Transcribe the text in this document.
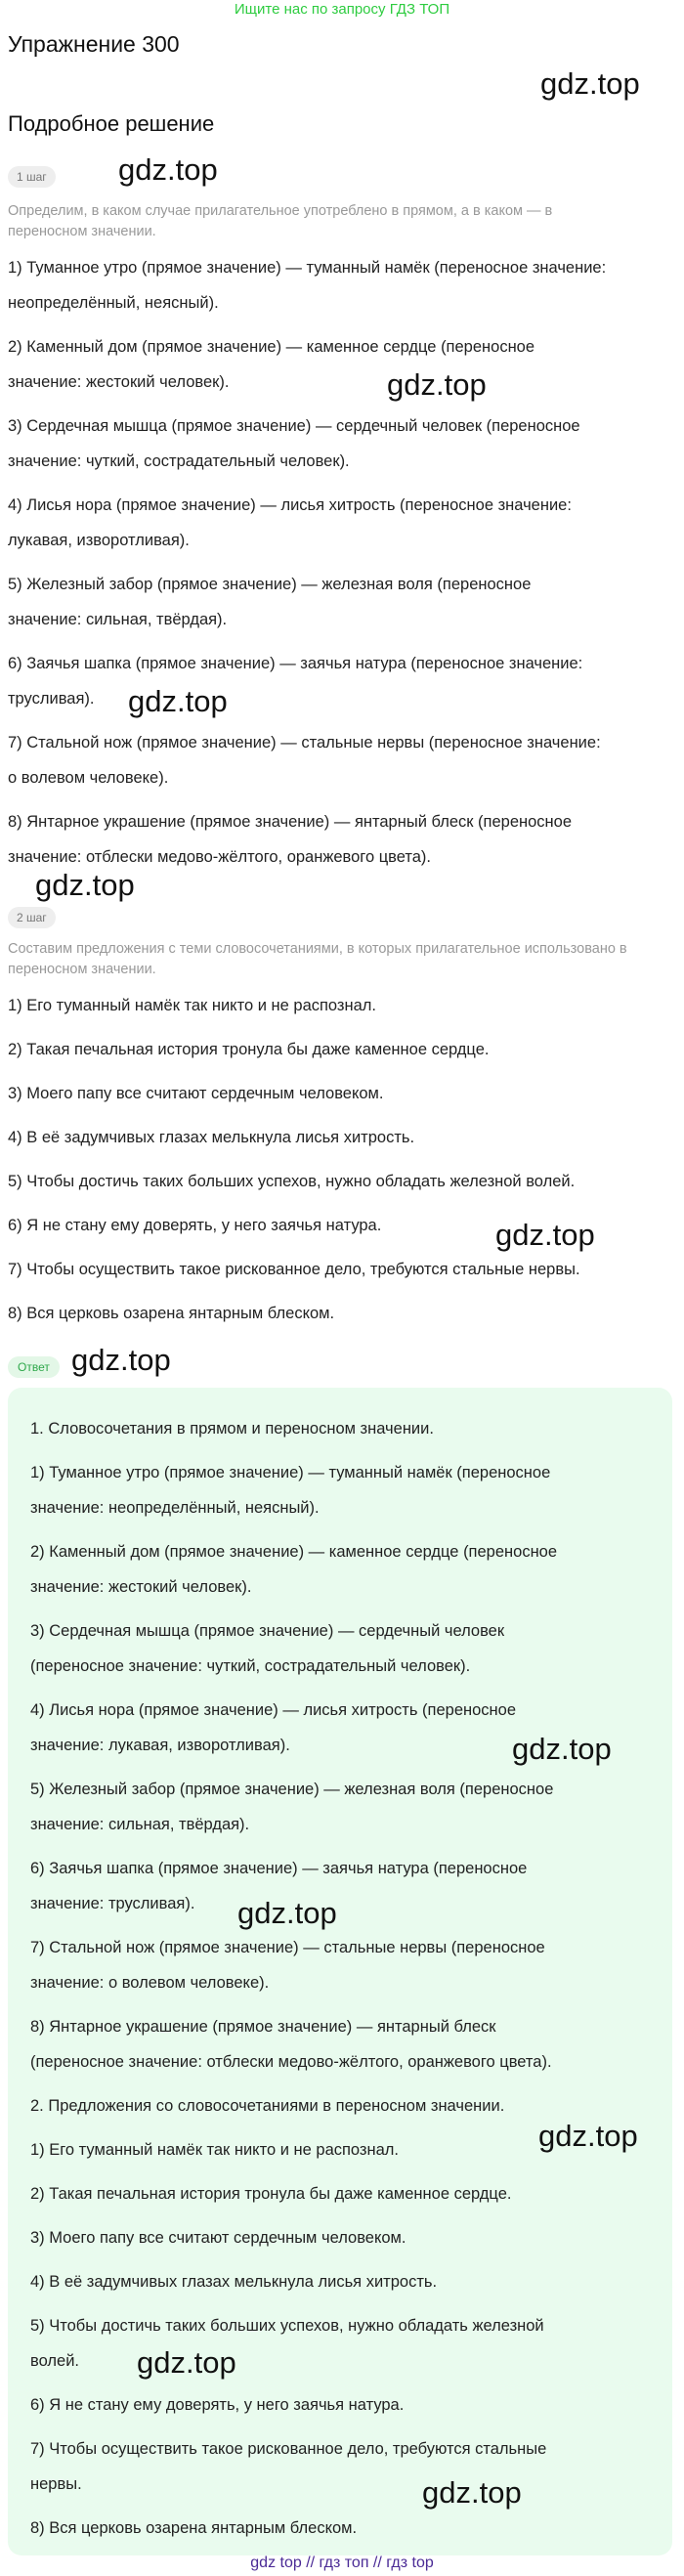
Ищите нас по запросу ГДЗ ТОП
Упражнение 300
Подробное решение
1 шаг
Определим, в каком случае прилагательное употреблено в прямом, а в каком — в переносном значении.
1) Туманное утро (прямое значение) — туманный намёк (переносное значение:
неопределённый, неясный).
2) Каменный дом (прямое значение) — каменное сердце (переносное
значение: жестокий человек).
3) Сердечная мышца (прямое значение) — сердечный человек (переносное
значение: чуткий, сострадательный человек).
4) Лисья нора (прямое значение) — лисья хитрость (переносное значение:
лукавая, изворотливая).
5) Железный забор (прямое значение) — железная воля (переносное
значение: сильная, твёрдая).
6) Заячья шапка (прямое значение) — заячья натура (переносное значение:
трусливая).
7) Стальной нож (прямое значение) — стальные нервы (переносное значение:
о волевом человеке).
8) Янтарное украшение (прямое значение) — янтарный блеск (переносное
значение: отблески медово-жёлтого, оранжевого цвета).
2 шаг
Составим предложения с теми словосочетаниями, в которых прилагательное использовано в переносном значении.
1) Его туманный намёк так никто и не распознал.
2) Такая печальная история тронула бы даже каменное сердце.
3) Моего папу все считают сердечным человеком.
4) В её задумчивых глазах мелькнула лисья хитрость.
5) Чтобы достичь таких больших успехов, нужно обладать железной волей.
6) Я не стану ему доверять, у него заячья натура.
7) Чтобы осуществить такое рискованное дело, требуются стальные нервы.
8) Вся церковь озарена янтарным блеском.
Ответ
1. Словосочетания в прямом и переносном значении.
1) Туманное утро (прямое значение) — туманный намёк (переносное
значение: неопределённый, неясный).
2) Каменный дом (прямое значение) — каменное сердце (переносное
значение: жестокий человек).
3) Сердечная мышца (прямое значение) — сердечный человек
(переносное значение: чуткий, сострадательный человек).
4) Лисья нора (прямое значение) — лисья хитрость (переносное
значение: лукавая, изворотливая).
5) Железный забор (прямое значение) — железная воля (переносное
значение: сильная, твёрдая).
6) Заячья шапка (прямое значение) — заячья натура (переносное
значение: трусливая).
7) Стальной нож (прямое значение) — стальные нервы (переносное
значение: о волевом человеке).
8) Янтарное украшение (прямое значение) — янтарный блеск
(переносное значение: отблески медово-жёлтого, оранжевого цвета).
2. Предложения со словосочетаниями в переносном значении.
1) Его туманный намёк так никто и не распознал.
2) Такая печальная история тронула бы даже каменное сердце.
3) Моего папу все считают сердечным человеком.
4) В её задумчивых глазах мелькнула лисья хитрость.
5) Чтобы достичь таких больших успехов, нужно обладать железной
волей.
6) Я не стану ему доверять, у него заячья натура.
7) Чтобы осуществить такое рискованное дело, требуются стальные
нервы.
8) Вся церковь озарена янтарным блеском.
gdz.top
gdz.top
gdz.top
gdz.top
gdz.top
gdz.top
gdz.top
gdz.top
gdz.top
gdz.top
gdz.top
gdz.top
gdz top // гдз топ // гдз top
